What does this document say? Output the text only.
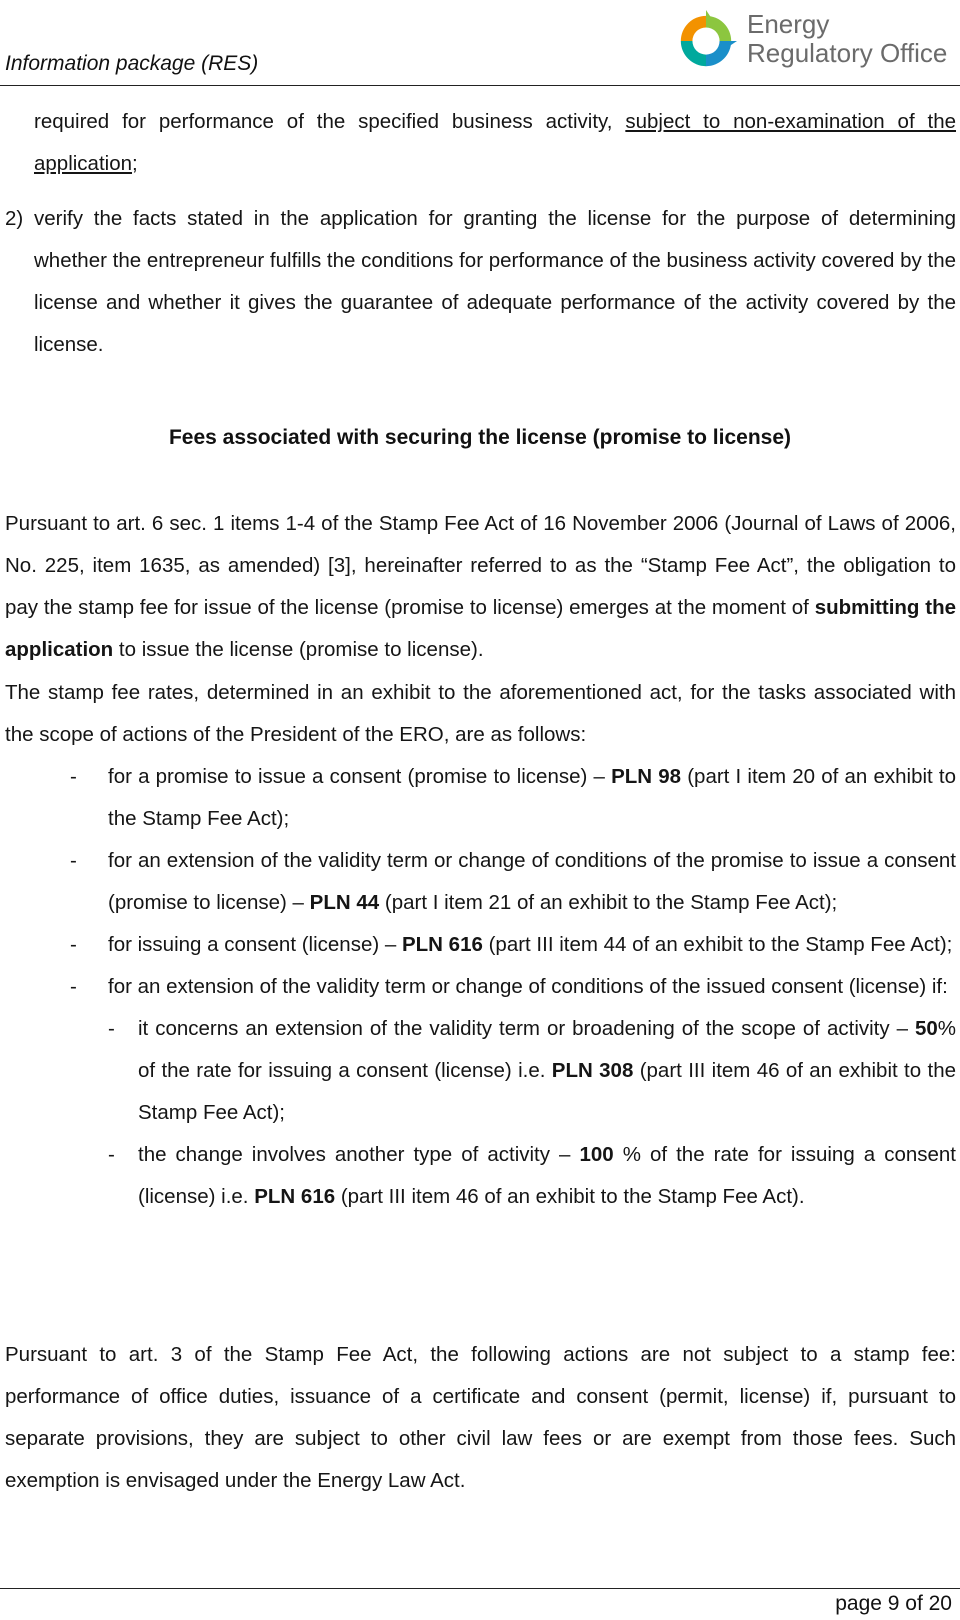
Information package (RES)
Energy
Regulatory Office
required for performance of the specified business activity, subject to non-examination of the application;
2) verify the facts stated in the application for granting the license for the purpose of determining whether the entrepreneur fulfills the conditions for performance of the business activity covered by the license and whether it gives the guarantee of adequate performance of the activity covered by the license.
Fees associated with securing the license (promise to license)
Pursuant to art. 6 sec. 1 items 1-4 of the Stamp Fee Act of 16 November 2006 (Journal of Laws of 2006, No. 225, item 1635, as amended) [3], hereinafter referred to as the “Stamp Fee Act”, the obligation to pay the stamp fee for issue of the license (promise to license) emerges at the moment of submitting the application to issue the license (promise to license).
The stamp fee rates, determined in an exhibit to the aforementioned act, for the tasks associated with the scope of actions of the President of the ERO, are as follows:
-	for a promise to issue a consent (promise to license) – PLN 98 (part I item 20 of an exhibit to the Stamp Fee Act);
-	for an extension of the validity term or change of conditions of the promise to issue a consent (promise to license) – PLN 44 (part I item 21 of an exhibit to the Stamp Fee Act);
-	for issuing a consent (license) – PLN 616 (part III item 44 of an exhibit to the Stamp Fee Act);
-	for an extension of the validity term or change of conditions of the issued consent (license) if:
-	it concerns an extension of the validity term or broadening of the scope of activity – 50% of the rate for issuing a consent (license) i.e. PLN 308 (part III item 46 of an exhibit to the Stamp Fee Act);
-	the change involves another type of activity – 100 % of the rate for issuing a consent (license) i.e. PLN 616 (part III item 46 of an exhibit to the Stamp Fee Act).
Pursuant to art. 3 of the Stamp Fee Act, the following actions are not subject to a stamp fee: performance of office duties, issuance of a certificate and consent (permit, license) if, pursuant to separate provisions, they are subject to other civil law fees or are exempt from those fees. Such exemption is envisaged under the Energy Law Act.
page 9 of 20
